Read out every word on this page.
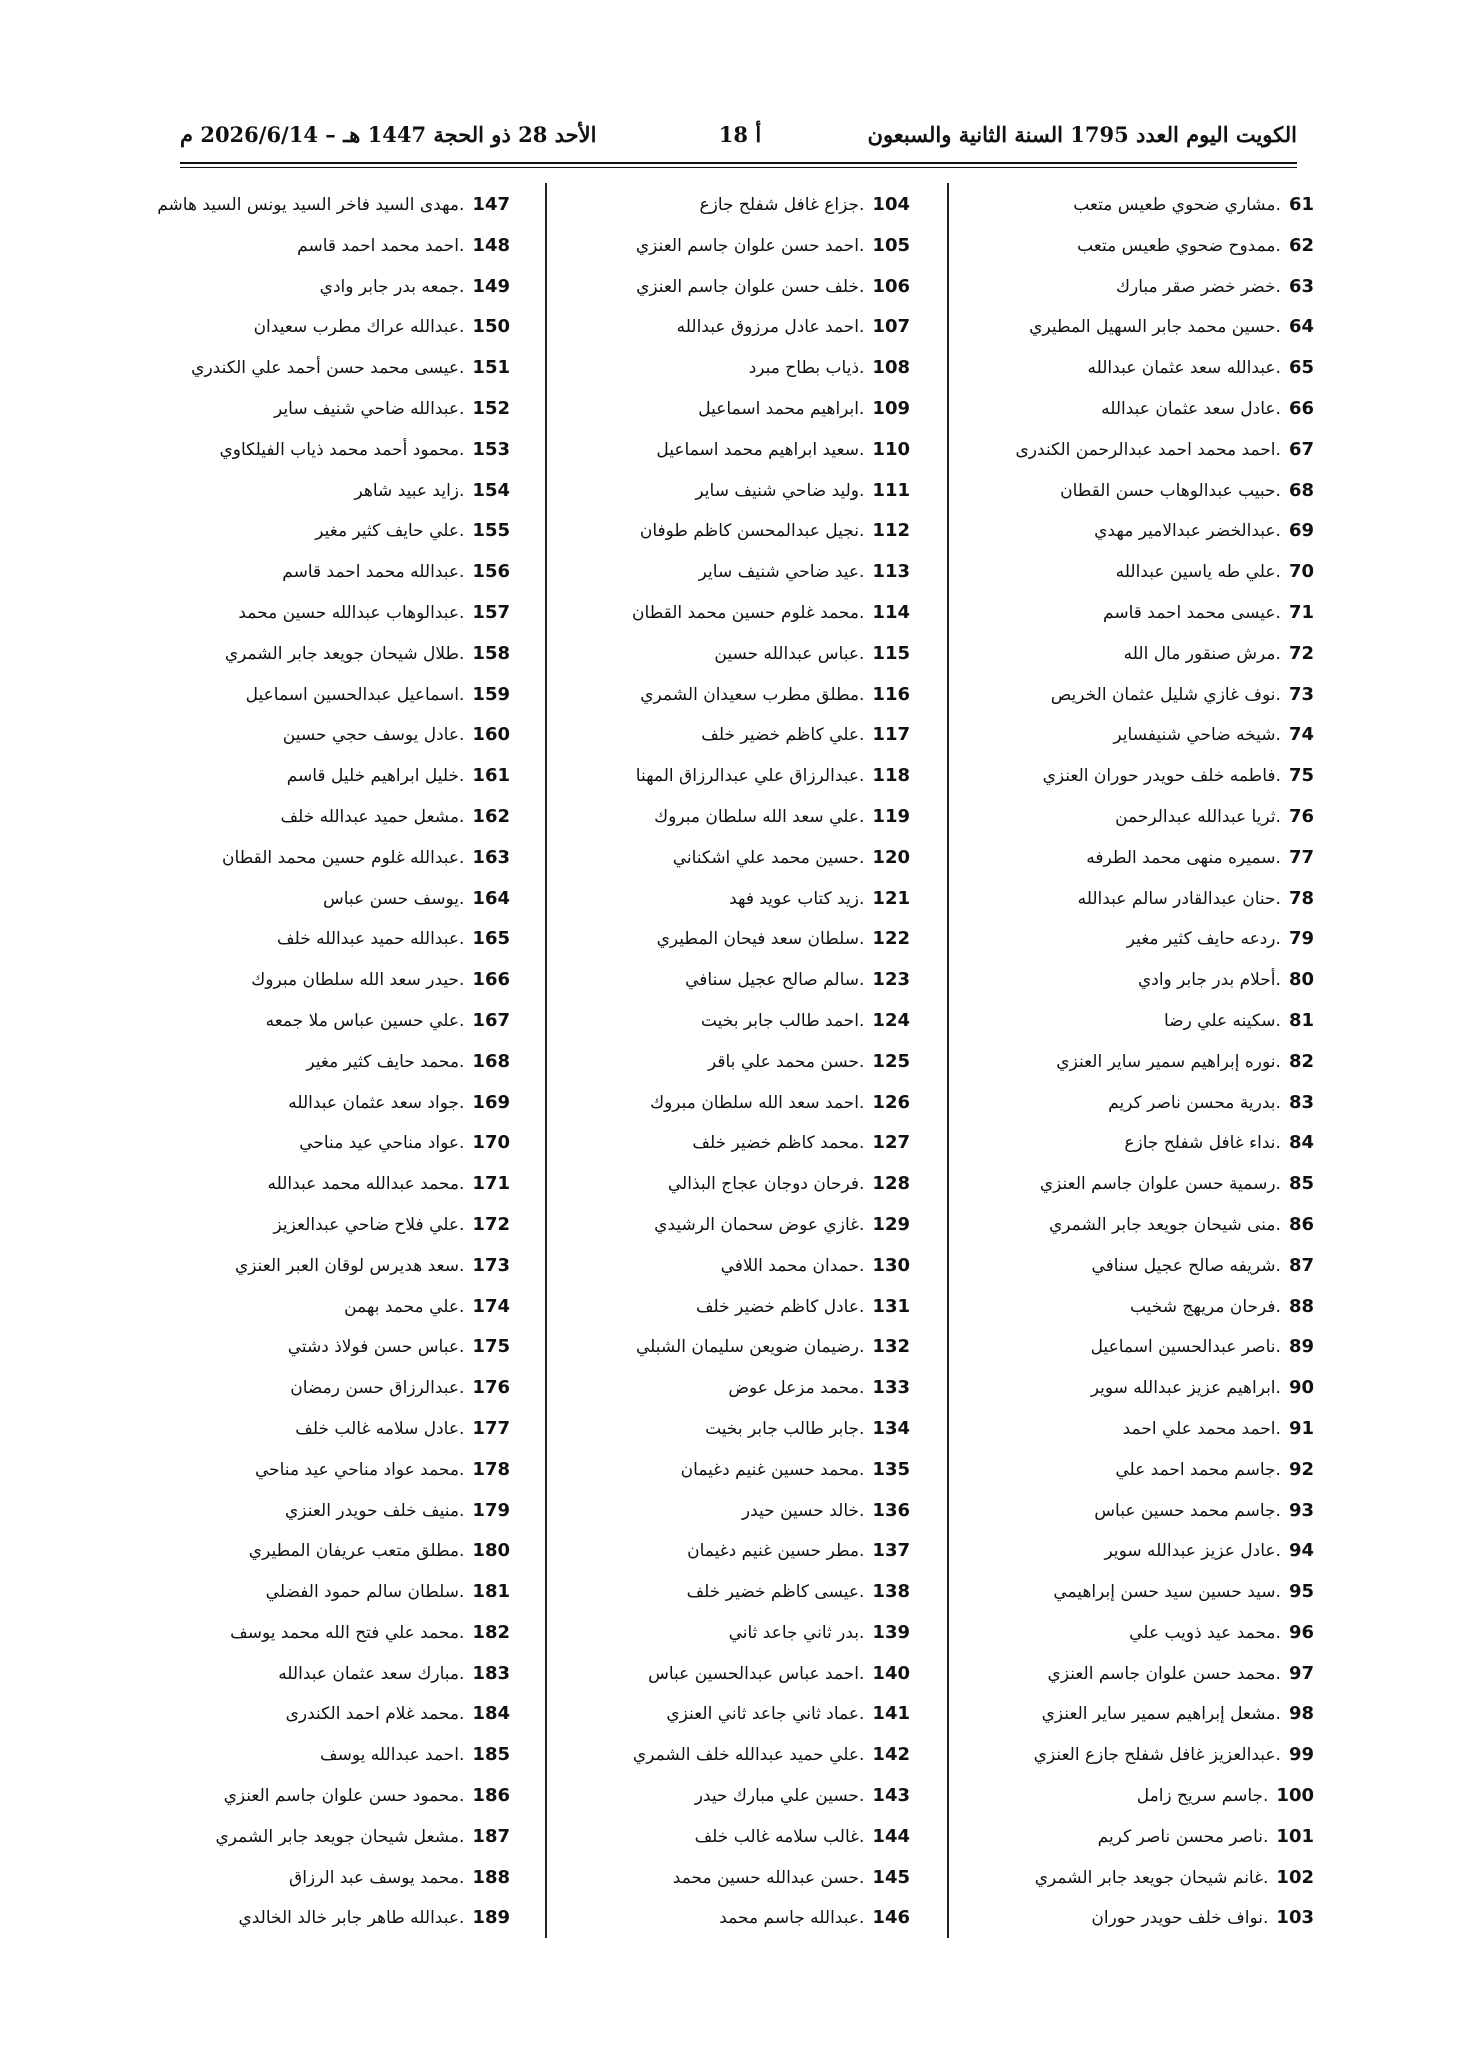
الكويت اليوم العدد 1795 السنة الثانية والسبعون
أ 18
الأحد 28 ذو الحجة 1447 هـ – 2026/6/14 م
61.مشاري ضحوي طعيس متعب
62.ممدوح ضحوي طعيس متعب
63.خضر خضر صقر مبارك
64.حسين محمد جابر السهيل المطيري
65.عبدالله سعد عثمان عبدالله
66.عادل سعد عثمان عبدالله
67.احمد محمد احمد عبدالرحمن الكندرى
68.حبيب عبدالوهاب حسن القطان
69.عبدالخضر عبدالامير مهدي
70.علي طه ياسين عبدالله
71.عيسى محمد احمد قاسم
72.مرش صنقور مال الله
73.نوف غازي شليل عثمان الخريص
74.شيخه ضاحي شنيفساير
75.فاطمه خلف حويدر حوران العنزي
76.ثريا عبدالله عبدالرحمن
77.سميره منهى محمد الطرفه
78.حنان عبدالقادر سالم عبدالله
79.ردعه حايف كثير مغير
80.أحلام بدر جابر وادي
81.سكينه علي رضا
82.نوره إبراهيم سمير ساير العنزي
83.بدرية محسن ناصر كريم
84.نداء غافل شفلح جازع
85.رسمية حسن علوان جاسم العنزي
86.منى شيحان جويعد جابر الشمري
87.شريفه صالح عجيل سنافي
88.فرحان مريهج شخيب
89.ناصر عبدالحسين اسماعيل
90.ابراهيم عزيز عبدالله سوير
91.احمد محمد علي احمد
92.جاسم محمد احمد علي
93.جاسم محمد حسين عباس
94.عادل عزيز عبدالله سوير
95.سيد حسين سيد حسن إبراهيمي
96.محمد عيد ذويب علي
97.محمد حسن علوان جاسم العنزي
98.مشعل إبراهيم سمير ساير العنزي
99.عبدالعزيز غافل شفلح جازع العنزي
100.جاسم سريح زامل
101.ناصر محسن ناصر كريم
102.غانم شيحان جويعد جابر الشمري
103.نواف خلف حويدر حوران
104.جزاع غافل شفلح جازع
105.احمد حسن علوان جاسم العنزي
106.خلف حسن علوان جاسم العنزي
107.احمد عادل مرزوق عبدالله
108.ذياب بطاح مبرد
109.ابراهيم محمد اسماعيل
110.سعيد ابراهيم محمد اسماعيل
111.وليد ضاحي شنيف ساير
112.نجيل عبدالمحسن كاظم طوفان
113.عيد ضاحي شنيف ساير
114.محمد غلوم حسين محمد القطان
115.عباس عبدالله حسين
116.مطلق مطرب سعيدان الشمري
117.علي كاظم خضير خلف
118.عبدالرزاق علي عبدالرزاق المهنا
119.علي سعد الله سلطان مبروك
120.حسين محمد علي اشكناني
121.زيد كتاب عويد فهد
122.سلطان سعد فيحان المطيري
123.سالم صالح عجيل سنافي
124.احمد طالب جابر بخيت
125.حسن محمد علي باقر
126.احمد سعد الله سلطان مبروك
127.محمد كاظم خضير خلف
128.فرحان دوجان عجاج البذالي
129.غازي عوض سحمان الرشيدي
130.حمدان محمد اللافي
131.عادل كاظم خضير خلف
132.رضيمان ضويعن سليمان الشبلي
133.محمد مزعل عوض
134.جابر طالب جابر بخيت
135.محمد حسين غنيم دغيمان
136.خالد حسين حيدر
137.مطر حسين غنيم دغيمان
138.عيسى كاظم خضير خلف
139.بدر ثاني جاعد ثاني
140.احمد عباس عبدالحسين عباس
141.عماد ثاني جاعد ثاني العنزي
142.علي حميد عبدالله خلف الشمري
143.حسين علي مبارك حيدر
144.غالب سلامه غالب خلف
145.حسن عبدالله حسين محمد
146.عبدالله جاسم محمد
147.مهدى السيد فاخر السيد يونس السيد هاشم
148.احمد محمد احمد قاسم
149.جمعه بدر جابر وادي
150.عبدالله عراك مطرب سعيدان
151.عيسى محمد حسن أحمد علي الكندري
152.عبدالله ضاحي شنيف ساير
153.محمود أحمد محمد ذياب الفيلكاوي
154.زايد عبيد شاهر
155.علي حايف كثير مغير
156.عبدالله محمد احمد قاسم
157.عبدالوهاب عبدالله حسين محمد
158.طلال شيحان جويعد جابر الشمري
159.اسماعيل عبدالحسين اسماعيل
160.عادل يوسف حجي حسين
161.خليل ابراهيم خليل قاسم
162.مشعل حميد عبدالله خلف
163.عبدالله غلوم حسين محمد القطان
164.يوسف حسن عباس
165.عبدالله حميد عبدالله خلف
166.حيدر سعد الله سلطان مبروك
167.علي حسين عباس ملا جمعه
168.محمد حايف كثير مغير
169.جواد سعد عثمان عبدالله
170.عواد مناحي عيد مناحي
171.محمد عبدالله محمد عبدالله
172.علي فلاح ضاحي عبدالعزيز
173.سعد هديرس لوقان العبر العنزي
174.علي محمد بهمن
175.عباس حسن فولاذ دشتي
176.عبدالرزاق حسن رمضان
177.عادل سلامه غالب خلف
178.محمد عواد مناحي عيد مناحي
179.منيف خلف حويدر العنزي
180.مطلق متعب عريفان المطيري
181.سلطان سالم حمود الفضلي
182.محمد علي فتح الله محمد يوسف
183.مبارك سعد عثمان عبدالله
184.محمد غلام احمد الكندرى
185.احمد عبدالله يوسف
186.محمود حسن علوان جاسم العنزي
187.مشعل شيحان جويعد جابر الشمري
188.محمد يوسف عبد الرزاق
189.عبدالله طاهر جابر خالد الخالدي
